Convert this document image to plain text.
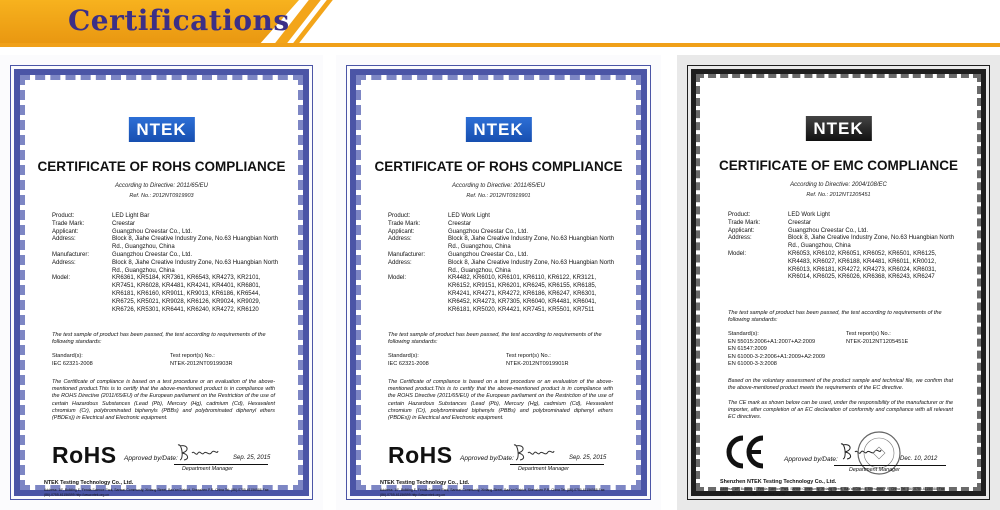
Certifications
NTEK
CERTIFICATE OF ROHS COMPLIANCE
According to Directive: 2011/65/EU
Ref. No.: 2012NT0919903
Product:	LED Light Bar
Trade Mark:	Creestar
Applicant:	Guangzhou Creestar Co., Ltd.
Address:	Block 8, Jiahe Creative Industry Zone, No.63 Huangbian North Rd., Guangzhou, China
Manufacturer:	Guangzhou Creestar Co., Ltd.
Address:	Block 8, Jiahe Creative Industry Zone, No.63 Huangbian North Rd., Guangzhou, China
Model:	KR6361, KR5184, KR7361, KR6543, KR4273, KR2101, KR7451, KR6028, KR4481, KR4241, KR4401, KR6801, KR6181, KR6160, KR9011, KR9013, KR6186, KR6544, KR6725, KR5021, KR9028, KR6126, KR9024, KR9029, KR6726, KR5301, KR6441, KR6240, KR4272, KR6120
The test sample of product has been passed, the test according to requirements of the following standards:
Standard(s):
IEC 62321-2008
Test report(s) No.:
NTEK-2012NT0919903R
The Certificate of compliance is based on a test procedure or an evaluation of the above-mentioned product.This is to certify that the above-mentioned product is in compliance with the ROHS Directive (2011/65/EU) of the European parliament on the Restriction of the use of certain Hazardous Substances (Lead (Pb), Mercury (Hg), cadmium (Cd), Hexavalent chromium (Cr), polybrominated biphenyls (PBBs) and polybrominated diphenyl ethers (PBDEs)) in Electrical and Electronic equipment.
RoHS Approved by/Date:	Sep. 25, 2015
Department Manager
NTEK Testing Technology Co., Ltd.
Address: 1/F, Building E, Fenda Science Park, Sanwei Community, Xixiang Street, Bao'an District, Shenzhen P.R. China Tel: (86)-0755-61156588 Fax: (86)-0755-61156599 http://www.ntek.org.cn
NTEK
CERTIFICATE OF ROHS COMPLIANCE
According to Directive: 2011/65/EU
Ref. No.: 2012NT0919901
Product:	LED Work Light
Trade Mark:	Creestar
Applicant:	Guangzhou Creestar Co., Ltd.
Address:	Block 8, Jiahe Creative Industry Zone, No.63 Huangbian North Rd., Guangzhou, China
Manufacturer:	Guangzhou Creestar Co., Ltd.
Address:	Block 8, Jiahe Creative Industry Zone, No.63 Huangbian North Rd., Guangzhou, China
Model:	KR4482, KR6010, KR6101, KR6110, KR6122, KR3121, KR6152, KR9151, KR6201, KR6245, KR6155, KR6185, KR4241, KR4271, KR4272, KR6186, KR6247, KR6301, KR6452, KR4273, KR7305, KR6040, KR4481, KR6041, KR6181, KR5020, KR4421, KR7451, KR5501, KR7511
The test sample of product has been passed, the test according to requirements of the following standards:
Standard(s):
IEC 62321-2008
Test report(s) No.:
NTEK-2012NT0919901R
The Certificate of compliance is based on a test procedure or an evaluation of the above-mentioned product.This is to certify that the above-mentioned product is in compliance with the ROHS Directive (2011/65/EU) of the European parliament on the Restriction of the use of certain Hazardous Substances (Lead (Pb), Mercury (Hg), cadmium (Cd), Hexavalent chromium (Cr), polybrominated biphenyls (PBBs) and polybrominated diphenyl ethers (PBDEs)) in Electrical and Electronic equipment.
RoHS Approved by/Date:	Sep. 25, 2015
Department Manager
NTEK Testing Technology Co., Ltd.
Address: 1/F, Building E, Fenda Science Park, Sanwei Community, Xixiang Street, Bao'an District, Shenzhen P.R. China Tel: (86)-0755-61156588 Fax: (86)-0755-61156599 http://www.ntek.org.cn
NTEK
CERTIFICATE OF EMC COMPLIANCE
According to Directive: 2004/108/EC
Ref. No.: 2012NT1205451
Product:	LED Work Light
Trade Mark:	Creestar
Applicant:	Guangzhou Creestar Co., Ltd.
Address:	Block 8, Jiahe Creative Industry Zone, No.63 Huangbian North Rd., Guangzhou, China
Model:	KR6053, KR6102, KR6051, KR6052, KR6501, KR6125, KR4483, KR6027, KR6188, KR4481, KR6011, KR0012, KR6013, KR6181, KR4272, KR4273, KR6024, KR6031, KR6014, KR6025, KR6026, KR6368, KR6243, KR6247
The test sample of product has been passed, the test according to requirements of the following standards:
Standard(s):
EN 55015:2006+A1:2007+A2:2009
EN 61547:2009
EN 61000-3-2:2006+A1:2009+A2:2009
EN 61000-3-3:2008
Test report(s) No.:
NTEK-2012NT1205451E
Based on the voluntary assessment of the product sample and technical file, we confirm that the above-mentioned product meets the requirements of the EC directive.
The CE mark as shown below can be used, under the responsibility of the manufacturer or the importer, after completion of an EC declaration of conformity and compliance with all relevant EC directives.
Approved by/Date:	Dec. 10, 2012
Department Manager
Shenzhen NTEK Testing Technology Co., Ltd.
Address: 1/F, Building E, Fenda Science Park, Sanwei Community, Xixiang Street, Bao'an District, Shenzhen P.R. China Tel: (86)-0755-61156588 Fax: (86)-0755-61156599 http://www.ntek.org.cn
